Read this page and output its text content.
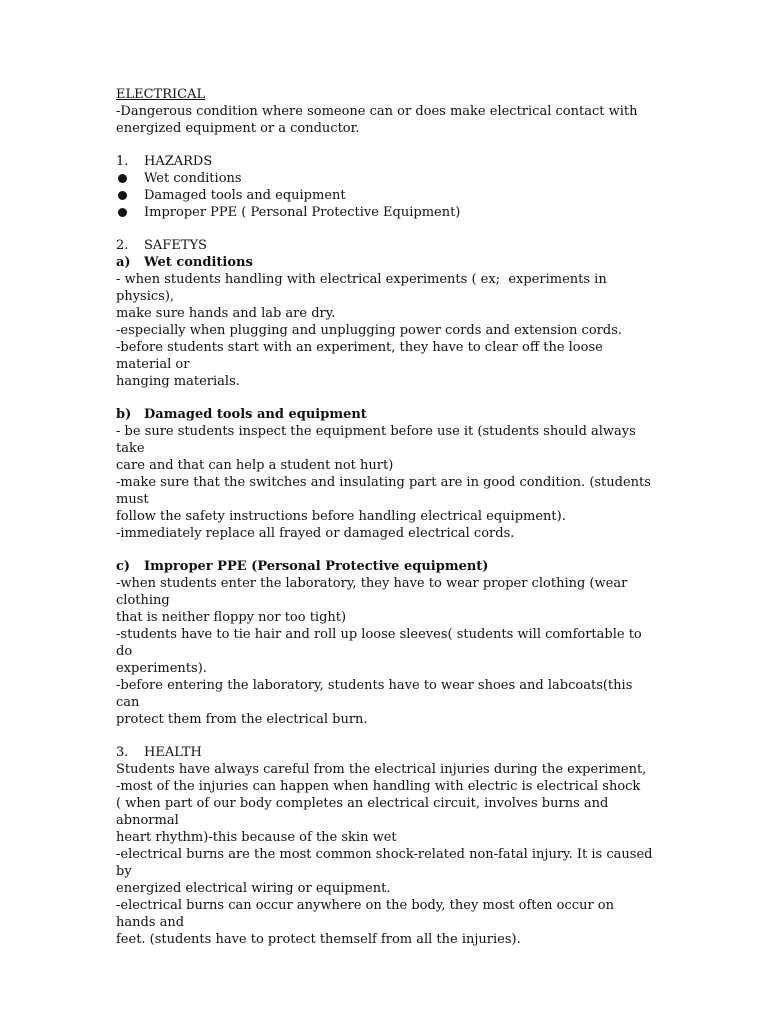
ELECTRICAL

-Dangerous condition where someone can or does make electrical contact with

energized equipment or a conductor.

1.	HAZARDS
Wet conditions
Damaged tools and equipment
Improper PPE ( Personal Protective Equipment)
2.	SAFETYS
a)	Wet conditions

- when students handling with electrical experiments ( ex;  experiments in physics),

make sure hands and lab are dry.

-especially when plugging and unplugging power cords and extension cords.

-before students start with an experiment, they have to clear off the loose material or

hanging materials.

b) Damaged tools and equipment

- be sure students inspect the equipment before use it (students should always take

care and that can help a student not hurt)

-make sure that the switches and insulating part are in good condition. (students must

follow the safety instructions before handling electrical equipment).

-immediately replace all frayed or damaged electrical cords.

c)	Improper PPE (Personal Protective equipment)

-when students enter the laboratory, they have to wear proper clothing (wear clothing

that is neither floppy nor too tight)

-students have to tie hair and roll up loose sleeves( students will comfortable to do

experiments).

-before entering the laboratory, students have to wear shoes and labcoats(this can

protect them from the electrical burn.

3.	HEALTH

Students have always careful from the electrical injuries during the experiment,

-most of the injuries can happen when handling with electric is electrical shock

( when part of our body completes an electrical circuit, involves burns and abnormal

heart rhythm)-this because of the skin wet

-electrical burns are the most common shock-related non-fatal injury. It is caused by

energized electrical wiring or equipment.

-electrical burns can occur anywhere on the body, they most often occur on hands and

feet. (students have to protect themself from all the injuries).
